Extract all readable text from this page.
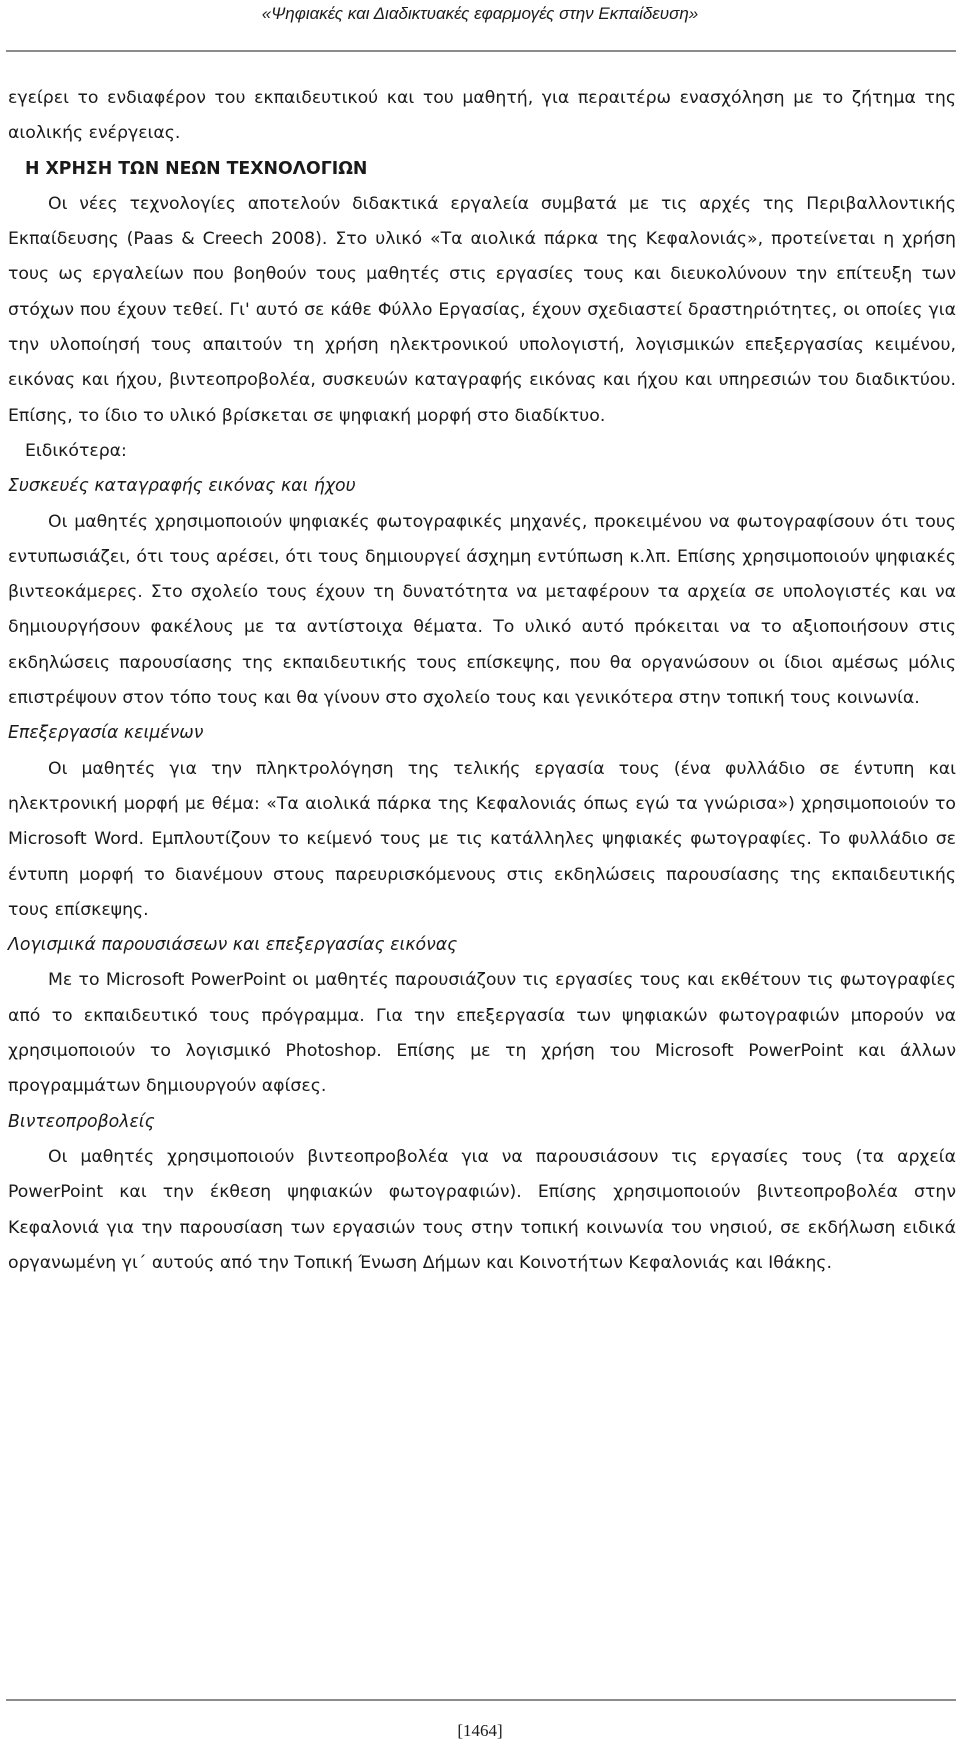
«Ψηφιακές και Διαδικτυακές εφαρμογές στην Εκπαίδευση»

εγείρει το ενδιαφέρον του εκπαιδευτικού και του μαθητή, για περαιτέρω ενασχόληση με το ζήτημα της αιολικής ενέργειας.

Η ΧΡΗΣΗ ΤΩΝ ΝΕΩΝ ΤΕΧΝΟΛΟΓΙΩΝ

Οι νέες τεχνολογίες αποτελούν διδακτικά εργαλεία συμβατά με τις αρχές της Περιβαλλοντικής Εκπαίδευσης (Paas & Creech 2008). Στο υλικό «Τα αιολικά πάρκα της Κεφαλονιάς», προτείνεται η χρήση τους ως εργαλείων που βοηθούν τους μαθητές στις εργασίες τους και διευκολύνουν την επίτευξη των στόχων που έχουν τεθεί. Γι' αυτό σε κάθε Φύλλο Εργασίας, έχουν σχεδιαστεί δραστηριότητες, οι οποίες για την υλοποίησή τους απαιτούν τη χρήση ηλεκτρονικού υπολογιστή, λογισμικών επεξεργασίας κειμένου, εικόνας και ήχου, βιντεοπροβολέα, συσκευών καταγραφής εικόνας και ήχου και υπηρεσιών του διαδικτύου. Επίσης, το ίδιο το υλικό βρίσκεται σε ψηφιακή μορφή στο διαδίκτυο.

Ειδικότερα:

Συσκευές καταγραφής εικόνας και ήχου

Οι μαθητές χρησιμοποιούν ψηφιακές φωτογραφικές μηχανές, προκειμένου να φωτογραφίσουν ότι τους εντυπωσιάζει, ότι τους αρέσει, ότι τους δημιουργεί άσχημη εντύπωση κ.λπ. Επίσης χρησιμοποιούν ψηφιακές βιντεοκάμερες. Στο σχολείο τους έχουν τη δυνατότητα να μεταφέρουν τα αρχεία σε υπολογιστές και να δημιουργήσουν φακέλους με τα αντίστοιχα θέματα. Το υλικό αυτό πρόκειται να το αξιοποιήσουν στις εκδηλώσεις παρουσίασης της εκπαιδευτικής τους επίσκεψης, που θα οργανώσουν οι ίδιοι αμέσως μόλις επιστρέψουν στον τόπο τους και θα γίνουν στο σχολείο τους και γενικότερα στην τοπική τους κοινωνία.

Επεξεργασία κειμένων

Οι μαθητές για την πληκτρολόγηση της τελικής εργασία τους (ένα φυλλάδιο σε έντυπη και ηλεκτρονική μορφή με θέμα: «Τα αιολικά πάρκα της Κεφαλονιάς όπως εγώ τα γνώρισα») χρησιμοποιούν το Microsoft Word. Εμπλουτίζουν το κείμενό τους με τις κατάλληλες ψηφιακές φωτογραφίες. Το φυλλάδιο σε έντυπη μορφή το διανέμουν στους παρευρισκόμενους στις εκδηλώσεις παρουσίασης της εκπαιδευτικής τους επίσκεψης.

Λογισμικά παρουσιάσεων και επεξεργασίας εικόνας

Με το Microsoft PowerPoint οι μαθητές παρουσιάζουν τις εργασίες τους και εκθέτουν τις φωτογραφίες από το εκπαιδευτικό τους πρόγραμμα. Για την επεξεργασία των ψηφιακών φωτογραφιών μπορούν να χρησιμοποιούν το λογισμικό Photoshop. Επίσης με τη χρήση του Microsoft PowerPoint και άλλων προγραμμάτων δημιουργούν αφίσες.

Βιντεοπροβολείς

Οι μαθητές χρησιμοποιούν βιντεοπροβολέα για να παρουσιάσουν τις εργασίες τους (τα αρχεία PowerPoint και την έκθεση ψηφιακών φωτογραφιών). Επίσης χρησιμοποιούν βιντεοπροβολέα στην Κεφαλονιά για την παρουσίαση των εργασιών τους στην τοπική κοινωνία του νησιού, σε εκδήλωση ειδικά οργανωμένη γι΄ αυτούς από την Τοπική Ένωση Δήμων και Κοινοτήτων Κεφαλονιάς και Ιθάκης.

[1464]
